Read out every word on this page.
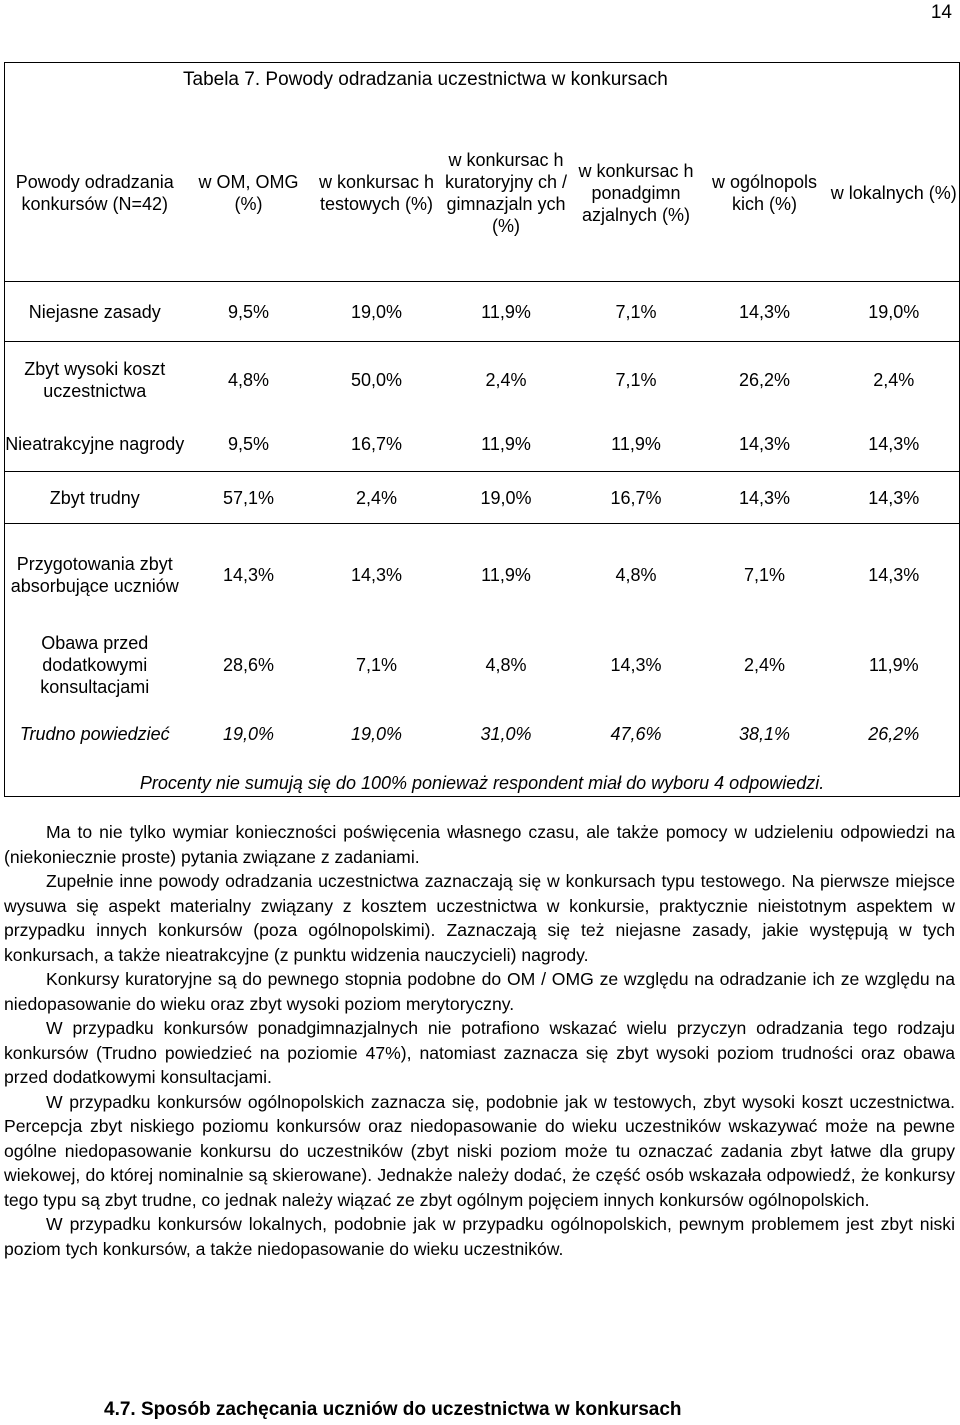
14
Tabela 7. Powody odradzania uczestnictwa w konkursach						
Powody odradzania konkursów (N=42)	w OM, OMG (%)	w konkursac h testowych (%)	w konkursac h kuratoryjny ch / gimnazjaln ych (%)	w konkursac h ponadgimn azjalnych (%)	w ogólnopols kich (%)	w lokalnych (%)
Niejasne zasady	9,5%	19,0%	11,9%	7,1%	14,3%	19,0%
Zbyt wysoki koszt uczestnictwa	4,8%	50,0%	2,4%	7,1%	26,2%	2,4%
Nieatrakcyjne nagrody	9,5%	16,7%	11,9%	11,9%	14,3%	14,3%
Zbyt trudny	57,1%	2,4%	19,0%	16,7%	14,3%	14,3%
Przygotowania zbyt absorbujące uczniów	14,3%	14,3%	11,9%	4,8%	7,1%	14,3%
Obawa przed dodatkowymi konsultacjami	28,6%	7,1%	4,8%	14,3%	2,4%	11,9%
Trudno powiedzieć	19,0%	19,0%	31,0%	47,6%	38,1%	26,2%
Procenty nie sumują się do 100% ponieważ respondent miał do wyboru 4 odpowiedzi.						

Ma to nie tylko wymiar konieczności poświęcenia własnego czasu, ale także pomocy w udzieleniu odpowiedzi na (niekoniecznie proste) pytania związane z zadaniami.

Zupełnie inne powody odradzania uczestnictwa zaznaczają się w konkursach typu testowego. Na pierwsze miejsce wysuwa się aspekt materialny związany z kosztem uczestnictwa w konkursie, praktycznie nieistotnym aspektem w przypadku innych konkursów (poza ogólnopolskimi). Zaznaczają się też niejasne zasady, jakie występują w tych konkursach, a także nieatrakcyjne (z punktu widzenia nauczycieli) nagrody.

Konkursy kuratoryjne są do pewnego stopnia podobne do OM / OMG ze względu na odradzanie ich ze względu na niedopasowanie do wieku oraz zbyt wysoki poziom merytoryczny.

W przypadku konkursów ponadgimnazjalnych nie potrafiono wskazać wielu przyczyn odradzania tego rodzaju konkursów (Trudno powiedzieć na poziomie 47%), natomiast zaznacza się zbyt wysoki poziom trudności oraz obawa przed dodatkowymi konsultacjami.

W przypadku konkursów ogólnopolskich zaznacza się, podobnie jak w testowych, zbyt wysoki koszt uczestnictwa. Percepcja zbyt niskiego poziomu konkursów oraz niedopasowanie do wieku uczestników wskazywać może na pewne ogólne niedopasowanie konkursu do uczestników (zbyt niski poziom może tu oznaczać zadania zbyt łatwe dla grupy wiekowej, do której nominalnie są skierowane). Jednakże należy dodać, że część osób wskazała odpowiedź, że konkursy tego typu są zbyt trudne, co jednak należy wiązać ze zbyt ogólnym pojęciem innych konkursów ogólnopolskich.

W przypadku konkursów lokalnych, podobnie jak w przypadku ogólnopolskich, pewnym problemem jest zbyt niski poziom tych konkursów, a także niedopasowanie do wieku uczestników.

4.7. Sposób zachęcania uczniów do uczestnictwa w konkursach
